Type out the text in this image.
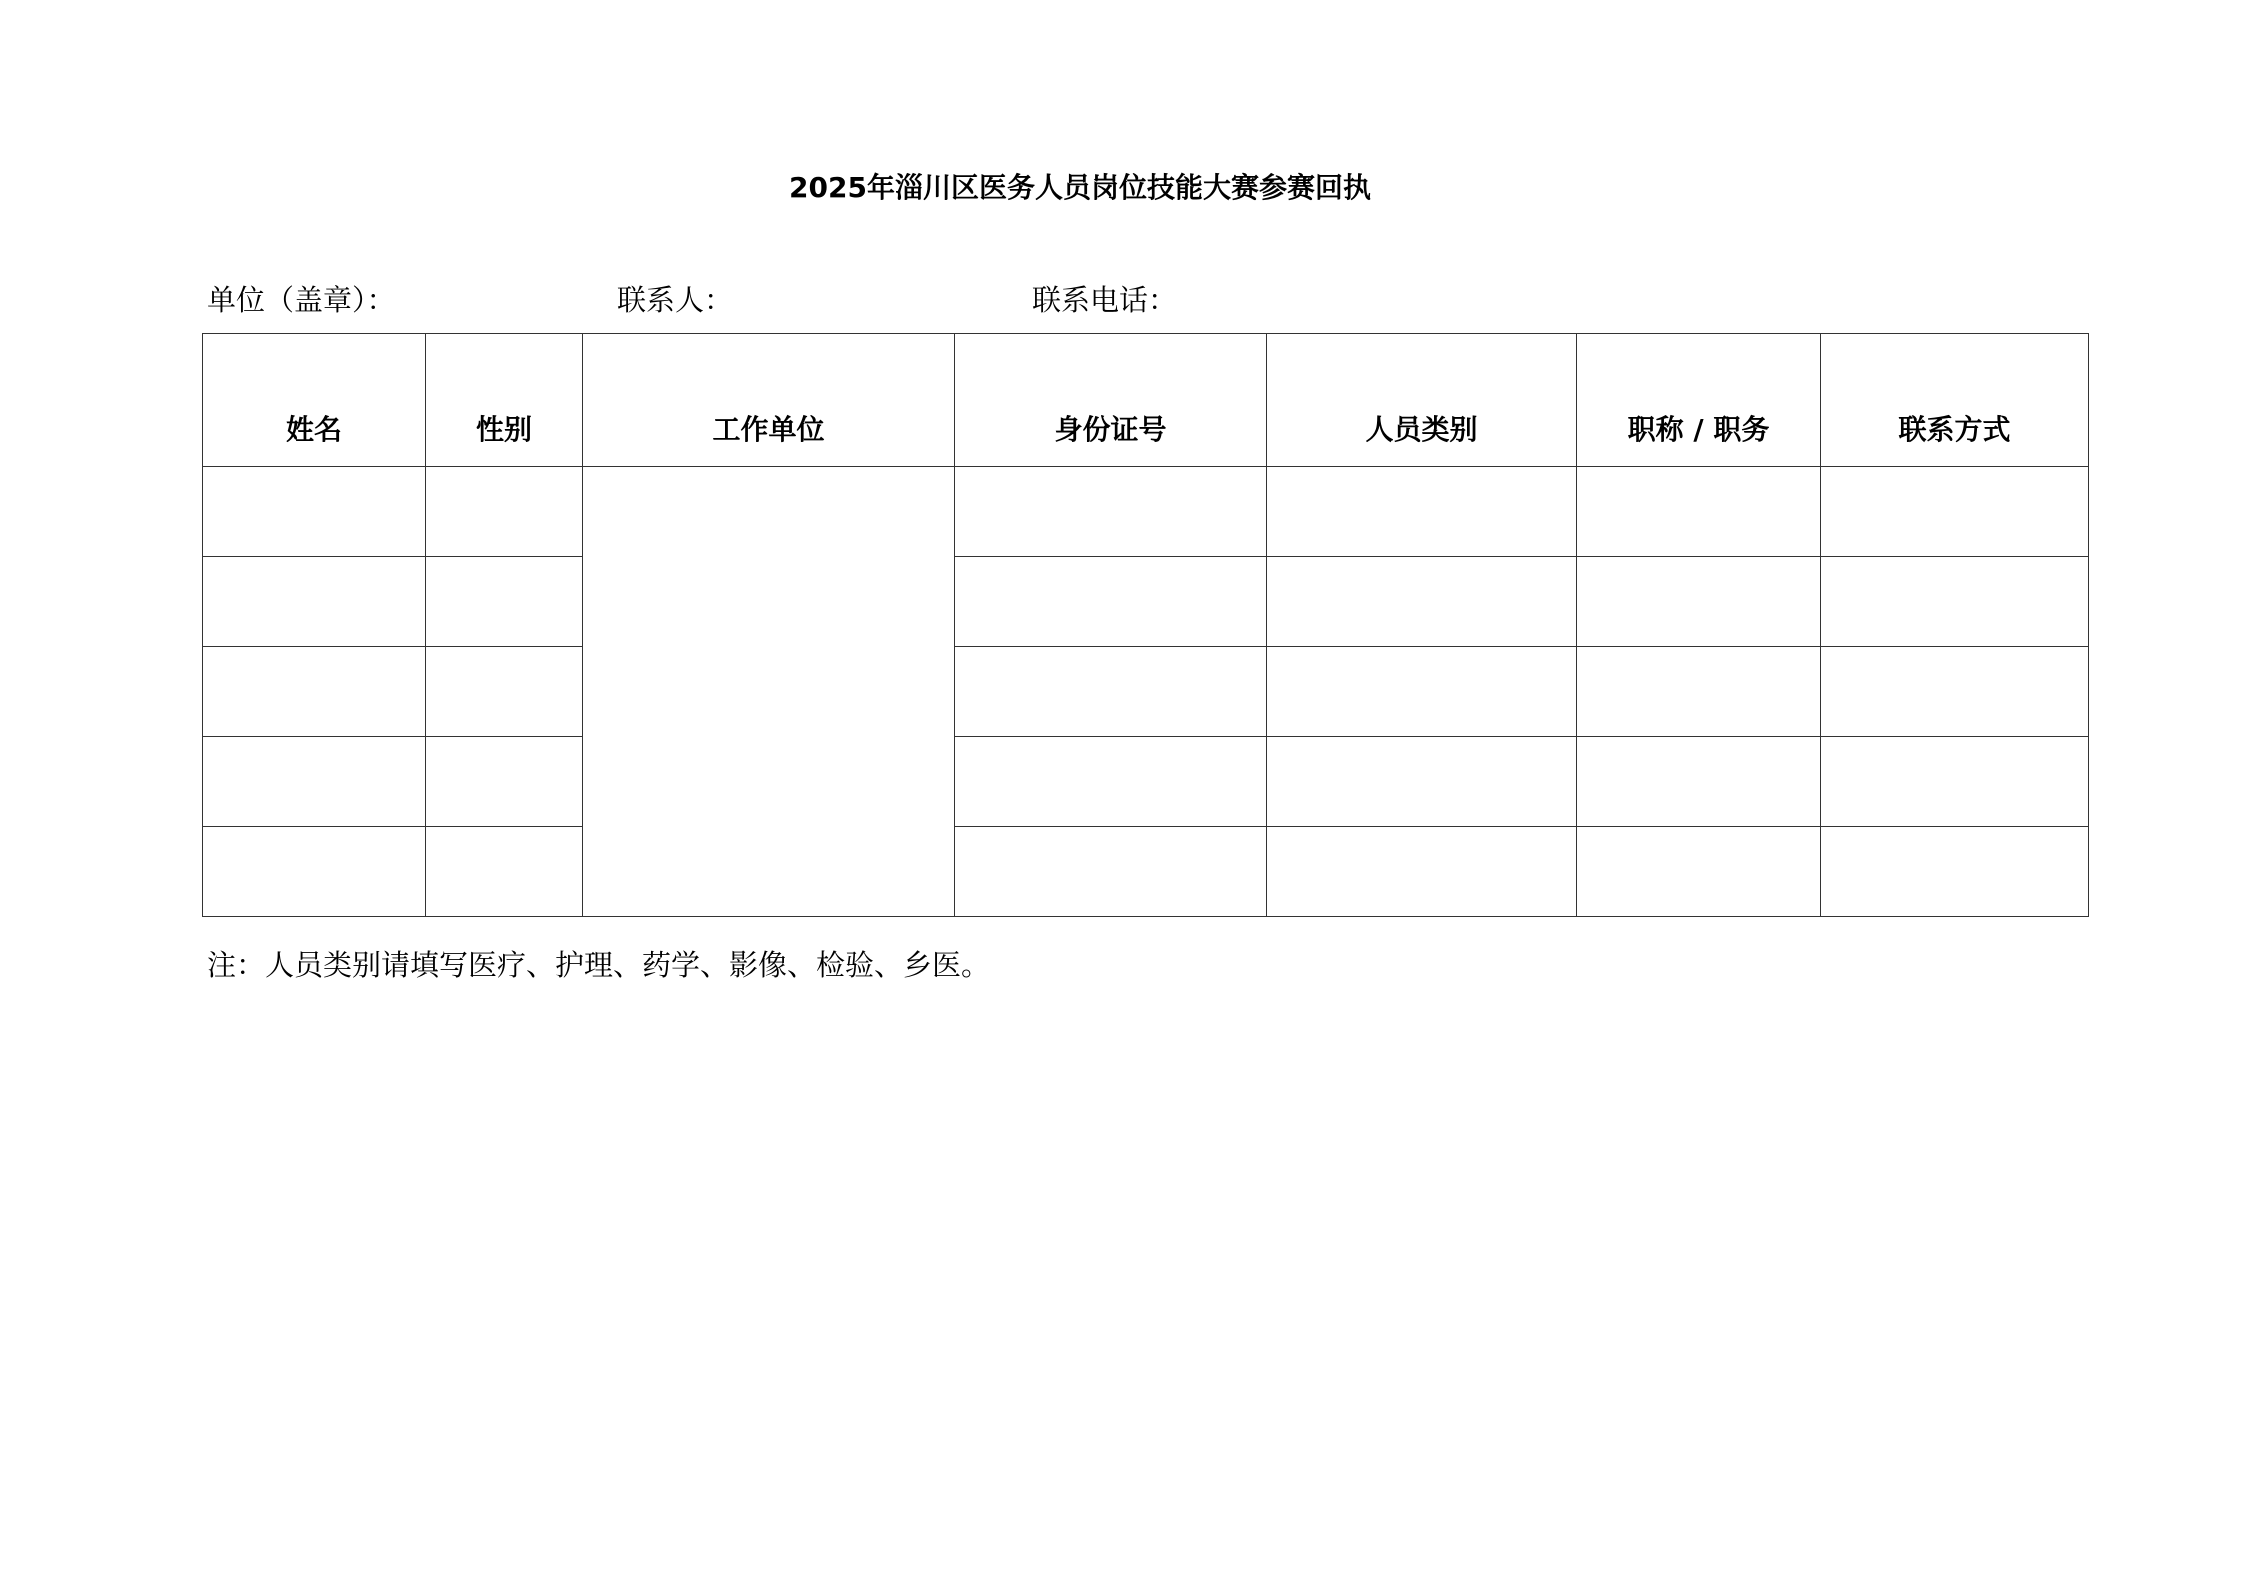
2025年淄川区医务人员岗位技能大赛参赛回执
单位（盖章）：	联系人：	联系电话：
姓名	性别	工作单位	身份证号	人员类别	职称 / 职务	联系方式

注：人员类别请填写医疗、护理、药学、影像、检验、乡医。
